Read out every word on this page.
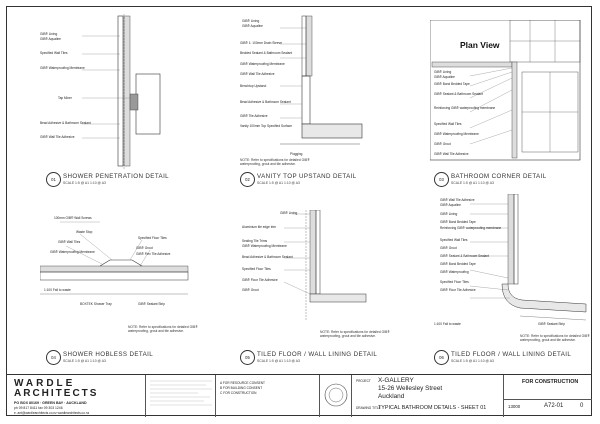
GIB® Lining
GIB® Aqualine
Specified Wall Tiles
GIB® Waterproofing Membrane
Tap Mixer
Bead Adhesive & Bathroom Sealant
GIB® Wall Tile Adhesive
01	SHOWER PENETRATION DETAIL
SCALE 1:5 @ A1 1:10 @ A3
GIB® Lining
GIB® Aqualine
GIB® 1: 100mm Drain Sleeve
Bedded Sealant & Bathroom Sealant
GIB® Waterproofing Membrane
GIB® Wall Tile Adhesive
Benchtop Upstand
Bead Adhesive & Bathroom Sealant
GIB® Tile Adhesive
Vanity 100mm Top Specified Surface
Plugging
NOTE: Refer to specifications for detailed GIB® waterproofing, grout and tile adhesive.
02	VANITY TOP UPSTAND DETAIL
SCALE 1:5 @ A1 1:10 @ A3
Plan View
GIB® Lining
GIB® Aqualine
GIB® Bond Bedded Tape
GIB® Sealant & Bathroom Sealant
Reinforcing GIB® waterproofing membrane
Specified Wall Tiles
GIB® Waterproofing Membrane
GIB® Grout
GIB® Wall Tile Adhesive
03	BATHROOM CORNER DETAIL
SCALE 1:5 @ A1 1:10 @ A3
100mm GIB® Wall Screws
Waste Stop
GIB® Wall Tiles
GIB® Waterproofing Membrane
Specified Floor Tiles
GIB® Grout
GIB® Flex Tile Adhesive
1:100 Fall to waste
BOXTEK Shower Tray	GIB® Sealant Strip
NOTE: Refer to specifications for detailed GIB® waterproofing, grout and tile adhesive.
04	SHOWER HOBLESS DETAIL
SCALE 1:5 @ A1 1:10 @ A3
GIB® Lining
Aluminium tile edge trim
Sealing Tile Trims
GIB® Waterproofing Membrane
Bead Adhesive & Bathroom Sealant
Specified Floor Tiles
GIB® Floor Tile Adhesive
GIB® Grout
NOTE: Refer to specifications for detailed GIB® waterproofing, grout and tile adhesive.
05	TILED FLOOR / WALL LINING DETAIL
SCALE 1:5 @ A1 1:10 @ A3
GIB® Wall Tile Adhesive
GIB® Aqualine
GIB® Lining
GIB® Bond Bedded Tape
Reinforcing GIB® waterproofing membrane
Specified Wall Tiles
GIB® Grout
GIB® Sealant & Bathroom Sealant
GIB® Bond Bedded Tape
GIB® Waterproofing
Specified Floor Tiles
GIB® Floor Tile Adhesive
1:100 Fall to waste	GIB® Sealant Strip
NOTE: Refer to specifications for detailed GIB® waterproofing, grout and tile adhesive.
06	TILED FLOOR / WALL LINING DETAIL
SCALE 1:5 @ A1 1:10 @ A3
WARDLE
ARCHITECTS
PO BOX 80169 · GREEN BAY · AUCKLAND
ph 09 817 8411 fax 09 303 1246
e. ant@wardlearchitects.co.nz wardlearchitects.co.nz
A FOR RESOURCE CONSENT
B FOR BUILDING CONSENT
C FOR CONSTRUCTION
PROJECT X-GALLERY
15-26 Wellesley Street
Auckland
DRAWING TITLE
TYPICAL BATHROOM DETAILS - SHEET 01
FOR CONSTRUCTION
13000	A72-01	0
